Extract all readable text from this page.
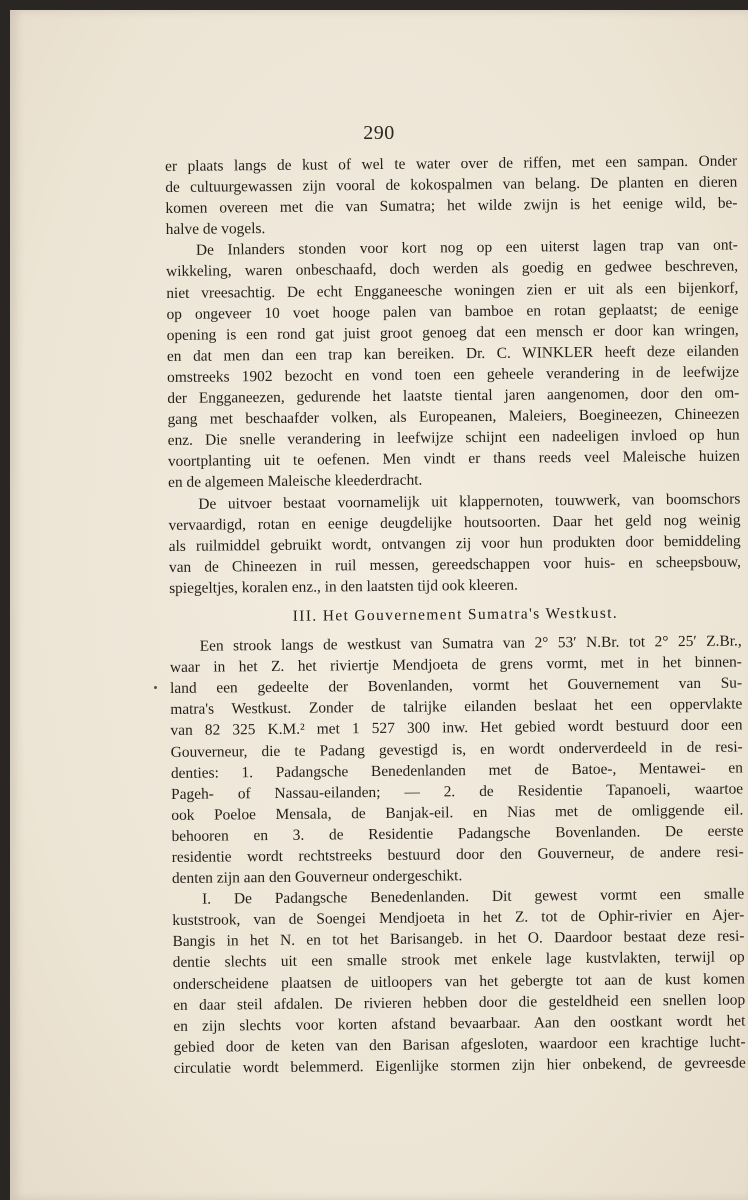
290
er plaats langs de kust of wel te water over de riffen, met een sampan. Onder
de cultuurgewassen zijn vooral de kokospalmen van belang. De planten en dieren
komen overeen met die van Sumatra; het wilde zwijn is het eenige wild, be-
halve de vogels.
De Inlanders stonden voor kort nog op een uiterst lagen trap van ont-
wikkeling, waren onbeschaafd, doch werden als goedig en gedwee beschreven,
niet vreesachtig. De echt Engganeesche woningen zien er uit als een bijenkorf,
op ongeveer 10 voet hooge palen van bamboe en rotan geplaatst; de eenige
opening is een rond gat juist groot genoeg dat een mensch er door kan wringen,
en dat men dan een trap kan bereiken. Dr. C. WINKLER heeft deze eilanden
omstreeks 1902 bezocht en vond toen een geheele verandering in de leefwijze
der Engganeezen, gedurende het laatste tiental jaren aangenomen, door den om-
gang met beschaafder volken, als Europeanen, Maleiers, Boegineezen, Chineezen
enz. Die snelle verandering in leefwijze schijnt een nadeeligen invloed op hun
voortplanting uit te oefenen. Men vindt er thans reeds veel Maleische huizen
en de algemeen Maleische kleederdracht.
De uitvoer bestaat voornamelijk uit klappernoten, touwwerk, van boomschors
vervaardigd, rotan en eenige deugdelijke houtsoorten. Daar het geld nog weinig
als ruilmiddel gebruikt wordt, ontvangen zij voor hun produkten door bemiddeling
van de Chineezen in ruil messen, gereedschappen voor huis- en scheepsbouw,
spiegeltjes, koralen enz., in den laatsten tijd ook kleeren.
III. Het Gouvernement Sumatra's Westkust.
Een strook langs de westkust van Sumatra van 2° 53′ N.Br. tot 2° 25′ Z.Br.,
waar in het Z. het riviertje Mendjoeta de grens vormt, met in het binnen-
land een gedeelte der Bovenlanden, vormt het Gouvernement van Su-
matra's Westkust. Zonder de talrijke eilanden beslaat het een oppervlakte
van 82 325 K.M.² met 1 527 300 inw. Het gebied wordt bestuurd door een
Gouverneur, die te Padang gevestigd is, en wordt onderverdeeld in de resi-
denties: 1. Padangsche Benedenlanden met de Batoe-, Mentawei- en
Pageh- of Nassau-eilanden; — 2. de Residentie Tapanoeli, waartoe
ook Poeloe Mensala, de Banjak-eil. en Nias met de omliggende eil.
behooren en 3. de Residentie Padangsche Bovenlanden. De eerste
residentie wordt rechtstreeks bestuurd door den Gouverneur, de andere resi-
denten zijn aan den Gouverneur ondergeschikt.
I. De Padangsche Benedenlanden. Dit gewest vormt een smalle
kuststrook, van de Soengei Mendjoeta in het Z. tot de Ophir-rivier en Ajer-
Bangis in het N. en tot het Barisangeb. in het O. Daardoor bestaat deze resi-
dentie slechts uit een smalle strook met enkele lage kustvlakten, terwijl op
onderscheidene plaatsen de uitloopers van het gebergte tot aan de kust komen
en daar steil afdalen. De rivieren hebben door die gesteldheid een snellen loop
en zijn slechts voor korten afstand bevaarbaar. Aan den oostkant wordt het
gebied door de keten van den Barisan afgesloten, waardoor een krachtige lucht-
circulatie wordt belemmerd. Eigenlijke stormen zijn hier onbekend, de gevreesde
